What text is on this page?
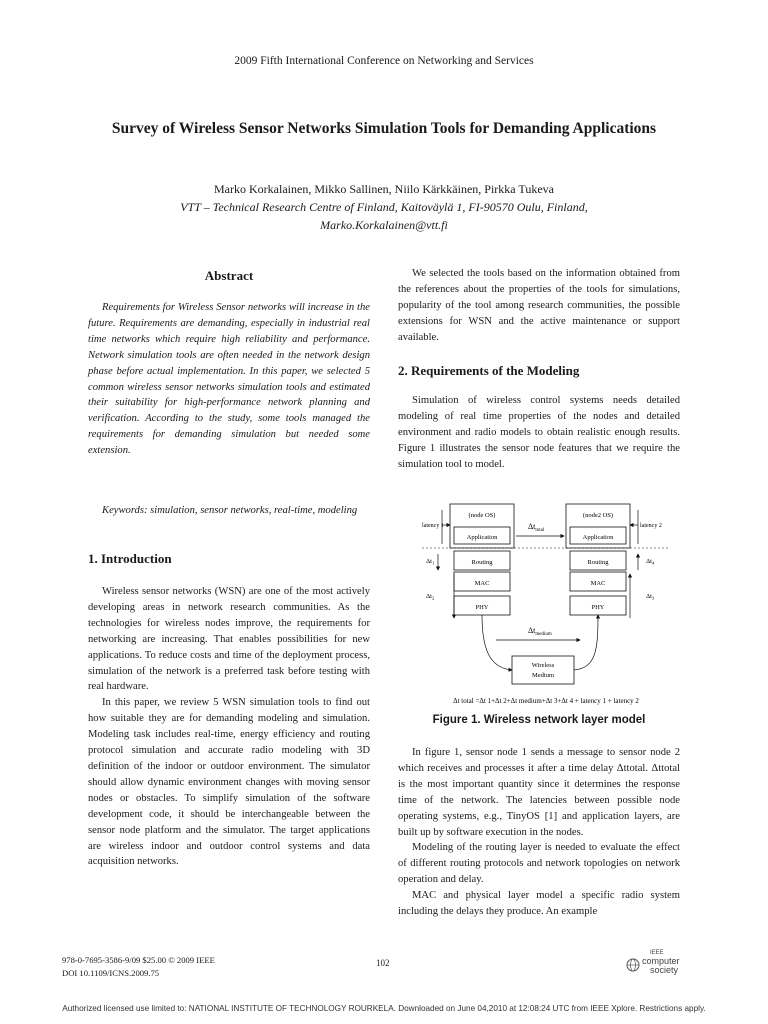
2009 Fifth International Conference on Networking and Services
Survey of Wireless Sensor Networks Simulation Tools for Demanding Applications
Marko Korkalainen, Mikko Sallinen, Niilo Kärkkäinen, Pirkka Tukeva
VTT – Technical Research Centre of Finland, Kaitoväylä 1, FI-90570 Oulu, Finland,
Marko.Korkalainen@vtt.fi
Abstract
Requirements for Wireless Sensor networks will increase in the future. Requirements are demanding, especially in industrial real time networks which require high reliability and performance. Network simulation tools are often needed in the network design phase before actual implementation. In this paper, we selected 5 common wireless sensor networks simulation tools and estimated their suitability for high-performance network planning and verification. According to the study, some tools managed the requirements for demanding simulation but needed some extension.
Keywords: simulation, sensor networks, real-time, modeling
1. Introduction

Wireless sensor networks (WSN) are one of the most actively developing areas in network research communities. As the technologies for wireless nodes improve, the requirements for networking are increasing. That enables possibilities for new applications. To reduce costs and time of the deployment process, simulation of the network is a preferred task before testing with real hardware.

In this paper, we review 5 WSN simulation tools to find out how suitable they are for demanding modeling and simulation. Modeling task includes real-time, energy efficiency and routing protocol simulation and accurate radio modeling with 3D definition of the indoor or outdoor environment. The simulator should allow dynamic environment changes with moving sensor nodes or obstacles. To simplify simulation of the software development code, it should be interchangeable between the sensor node platform and the simulator. The target applications are wireless indoor and outdoor control systems and data acquisition networks.

We selected the tools based on the information obtained from the references about the properties of the tools for simulations, popularity of the tool among research communities, the possible extensions for WSN and the active maintenance or support available.

2. Requirements of the Modeling

Simulation of wireless control systems needs detailed modeling of real time properties of the nodes and detailed environment and radio models to obtain realistic enough results. Figure 1 illustrates the sensor node features that we require the simulation tool to model.

(node OS)
Application
Routing
MAC
PHY
(node2 OS)
Application
Routing
MAC
PHY
latency 1	latency 2
$\Delta t_{total}$
$\Delta t_1$
$\Delta t_2$
$\Delta t_4$
$\Delta t_3$
$\Delta t_{medium}$
Wireless
Medium
Δt total =Δt 1+Δt 2+Δt medium+Δt 3+Δt 4 + latency 1 + latency 2
Figure 1. Wireless network layer model

In figure 1, sensor node 1 sends a message to sensor node 2 which receives and processes it after a time delay Δttotal. Δttotal is the most important quantity since it determines the response time of the network. The latencies between possible node operating systems, e.g., TinyOS [1] and application layers, are built up by software execution in the nodes.

Modeling of the routing layer is needed to evaluate the effect of different routing protocols and network topologies on network operation and delay.

MAC and physical layer model a specific radio system including the delays they produce. An example

978-0-7695-3586-9/09 $25.00 © 2009 IEEE
DOI 10.1109/ICNS.2009.75
102
IEEE
computer
society
Authorized licensed use limited to: NATIONAL INSTITUTE OF TECHNOLOGY ROURKELA. Downloaded on June 04,2010 at 12:08:24 UTC from IEEE Xplore. Restrictions apply.
